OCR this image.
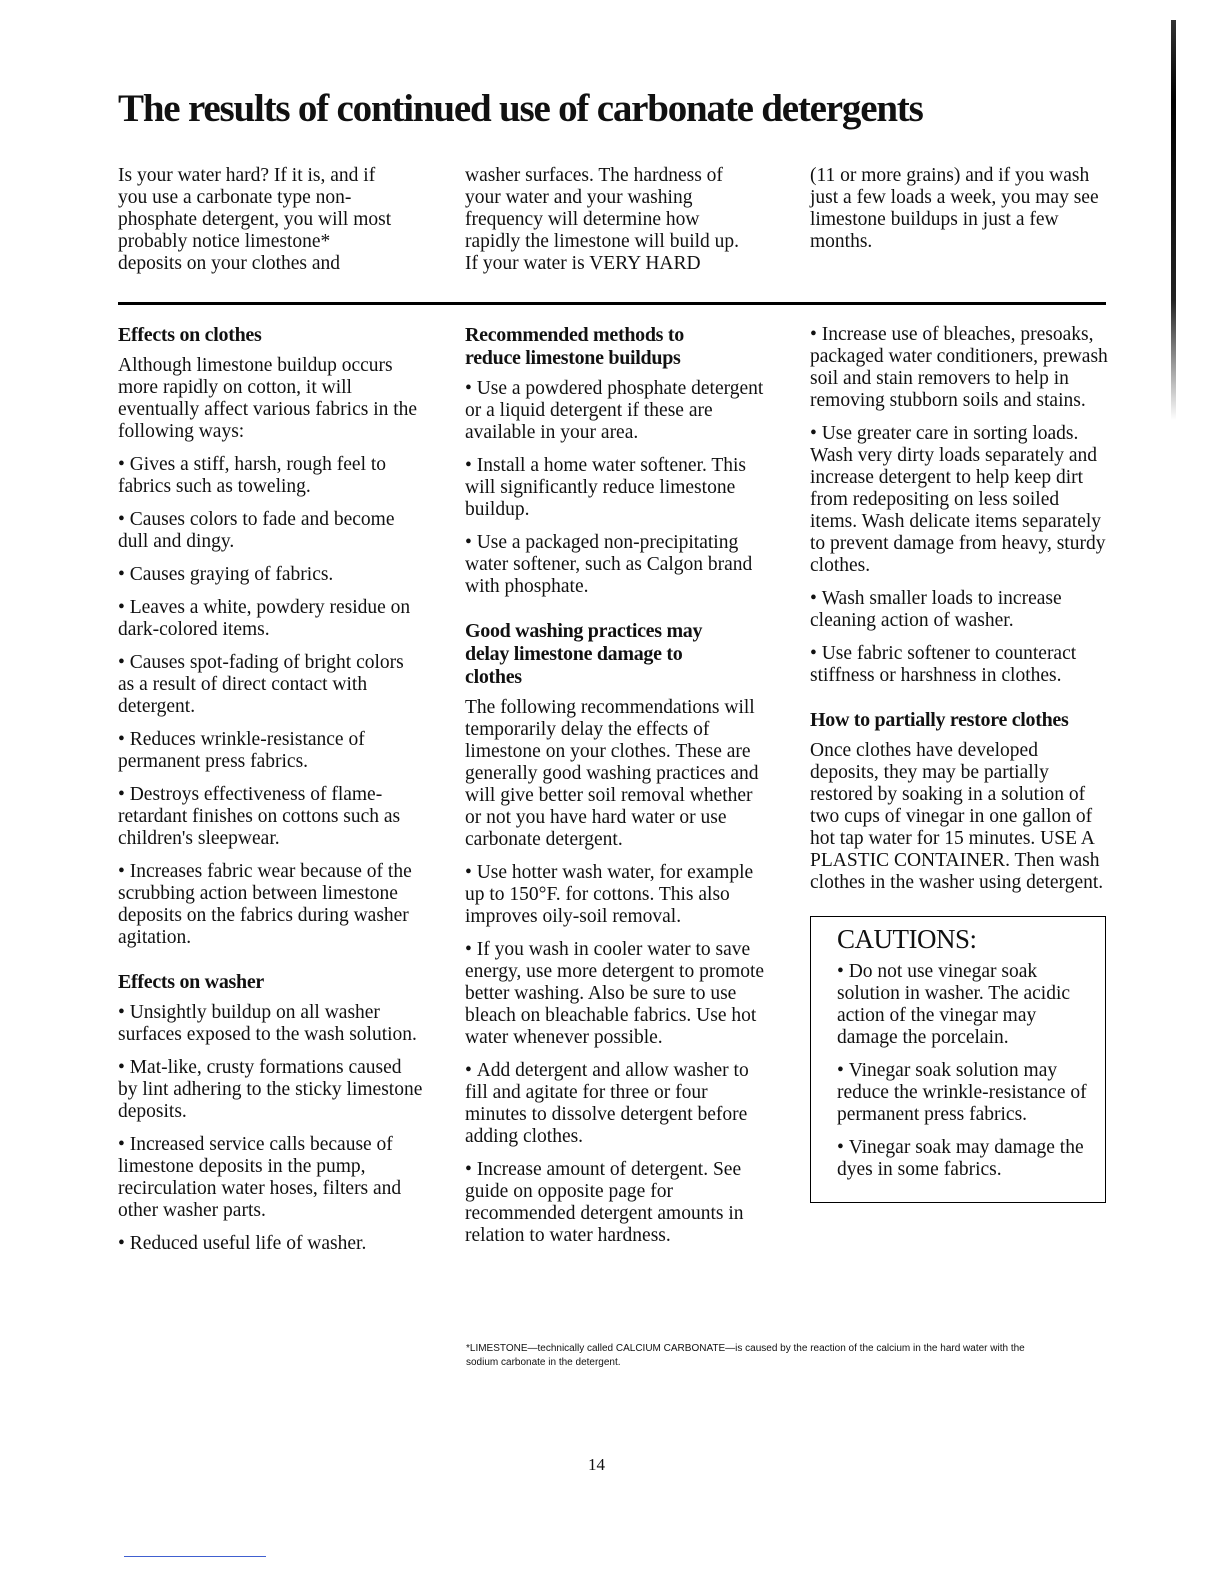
The results of continued use of carbonate detergents

Is your water hard? If it is, and if you use a carbonate type non-phosphate detergent, you will most probably notice limestone* deposits on your clothes and

washer surfaces. The hardness of your water and your washing frequency will determine how rapidly the limestone will build up. If your water is VERY HARD

(11 or more grains) and if you wash just a few loads a week, you may see limestone buildups in just a few months.

Effects on clothes

Although limestone buildup occurs more rapidly on cotton, it will eventually affect various fabrics in the following ways:

• Gives a stiff, harsh, rough feel to fabrics such as toweling.
• Causes colors to fade and become dull and dingy.
• Causes graying of fabrics.
• Leaves a white, powdery residue on dark-colored items.
• Causes spot-fading of bright colors as a result of direct contact with detergent.
• Reduces wrinkle-resistance of permanent press fabrics.
• Destroys effectiveness of flame-retardant finishes on cottons such as children's sleepwear.
• Increases fabric wear because of the scrubbing action between limestone deposits on the fabrics during washer agitation.
Effects on washer
• Unsightly buildup on all washer surfaces exposed to the wash solution.
• Mat-like, crusty formations caused by lint adhering to the sticky limestone deposits.
• Increased service calls because of limestone deposits in the pump, recirculation water hoses, filters and other washer parts.
• Reduced useful life of washer.
Recommended methods to reduce limestone buildups
• Use a powdered phosphate detergent or a liquid detergent if these are available in your area.
• Install a home water softener. This will significantly reduce limestone buildup.
• Use a packaged non-precipitating water softener, such as Calgon brand with phosphate.
Good washing practices may delay limestone damage to clothes

The following recommendations will temporarily delay the effects of limestone on your clothes. These are generally good washing practices and will give better soil removal whether or not you have hard water or use carbonate detergent.

• Use hotter wash water, for example up to 150°F. for cottons. This also improves oily-soil removal.
• If you wash in cooler water to save energy, use more detergent to promote better washing. Also be sure to use bleach on bleachable fabrics. Use hot water whenever possible.
• Add detergent and allow washer to fill and agitate for three or four minutes to dissolve detergent before adding clothes.
• Increase amount of detergent. See guide on opposite page for recommended detergent amounts in relation to water hardness.
• Increase use of bleaches, presoaks, packaged water conditioners, prewash soil and stain removers to help in removing stubborn soils and stains.
• Use greater care in sorting loads. Wash very dirty loads separately and increase detergent to help keep dirt from redepositing on less soiled items. Wash delicate items separately to prevent damage from heavy, sturdy clothes.
• Wash smaller loads to increase cleaning action of washer.
• Use fabric softener to counteract stiffness or harshness in clothes.
How to partially restore clothes

Once clothes have developed deposits, they may be partially restored by soaking in a solution of two cups of vinegar in one gallon of hot tap water for 15 minutes. USE A PLASTIC CONTAINER. Then wash clothes in the washer using detergent.

CAUTIONS:
• Do not use vinegar soak solution in washer. The acidic action of the vinegar may damage the porcelain.
• Vinegar soak solution may reduce the wrinkle-resistance of permanent press fabrics.
• Vinegar soak may damage the dyes in some fabrics.
*LIMESTONE—technically called CALCIUM CARBONATE—is caused by the reaction of the calcium in the hard water with the sodium carbonate in the detergent.
14
